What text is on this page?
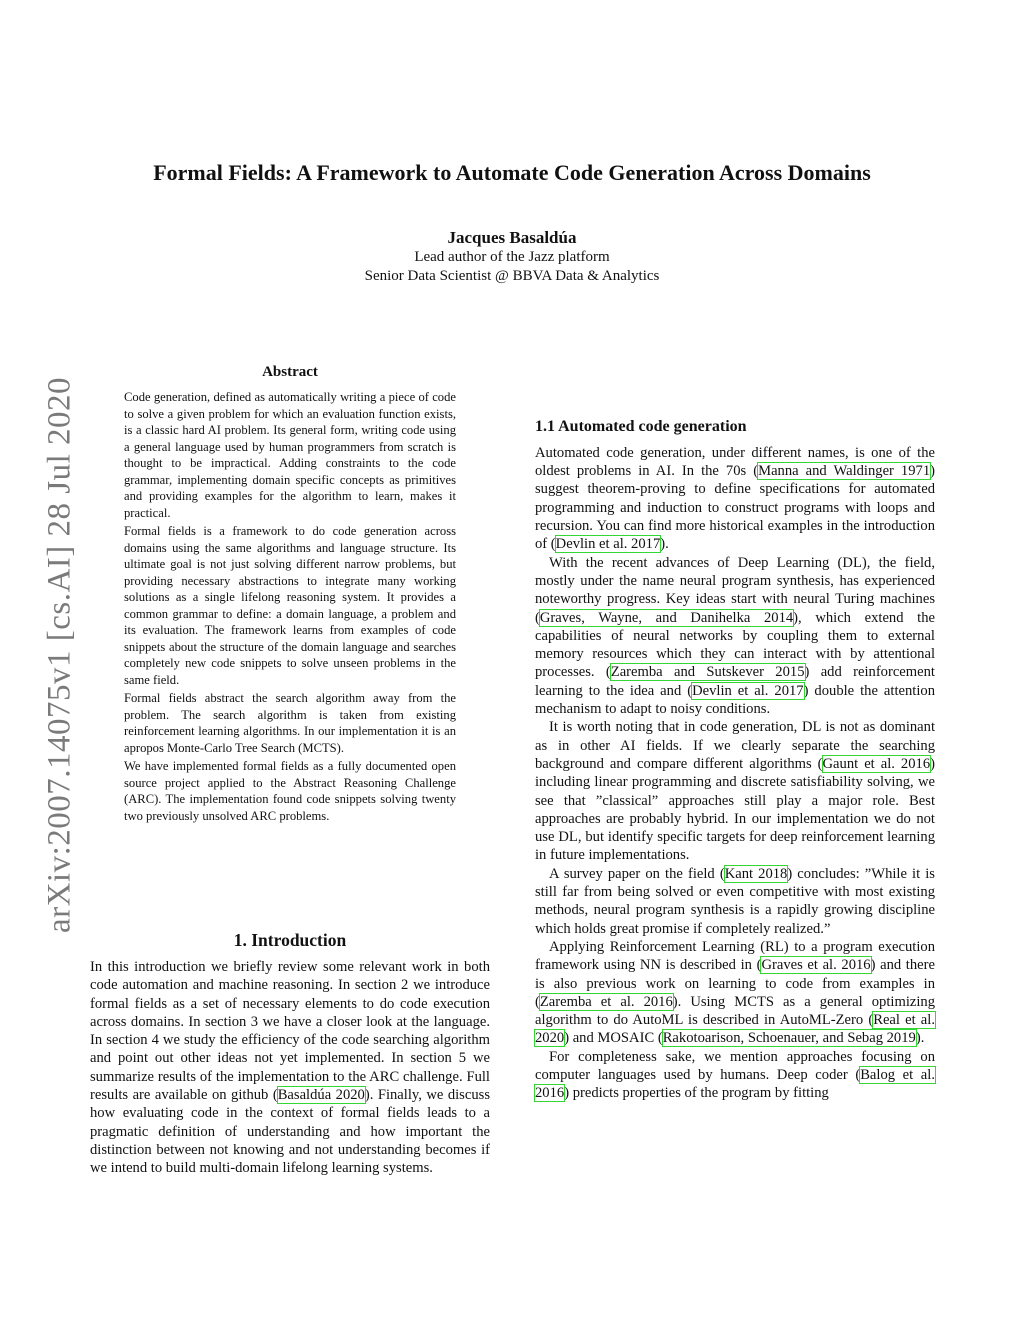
arXiv:2007.14075v1 [cs.AI] 28 Jul 2020
Formal Fields: A Framework to Automate Code Generation Across Domains
Jacques Basaldúa
Lead author of the Jazz platform
Senior Data Scientist @ BBVA Data & Analytics
Abstract

Code generation, defined as automatically writing a piece of code to solve a given problem for which an evaluation function exists, is a classic hard AI problem. Its general form, writing code using a general language used by human programmers from scratch is thought to be impractical. Adding constraints to the code grammar, implementing domain specific concepts as primitives and providing examples for the algorithm to learn, makes it practical.

Formal fields is a framework to do code generation across domains using the same algorithms and language structure. Its ultimate goal is not just solving different narrow problems, but providing necessary abstractions to integrate many working solutions as a single lifelong reasoning system. It provides a common grammar to define: a domain language, a problem and its evaluation. The framework learns from examples of code snippets about the structure of the domain language and searches completely new code snippets to solve unseen problems in the same field.

Formal fields abstract the search algorithm away from the problem. The search algorithm is taken from existing reinforcement learning algorithms. In our implementation it is an apropos Monte-Carlo Tree Search (MCTS).

We have implemented formal fields as a fully documented open source project applied to the Abstract Reasoning Challenge (ARC). The implementation found code snippets solving twenty two previously unsolved ARC problems.

1. Introduction

In this introduction we briefly review some relevant work in both code automation and machine reasoning. In section 2 we introduce formal fields as a set of necessary elements to do code execution across domains. In section 3 we have a closer look at the language. In section 4 we study the efficiency of the code searching algorithm and point out other ideas not yet implemented. In section 5 we summarize results of the implementation to the ARC challenge. Full results are available on github (Basaldúa 2020). Finally, we discuss how evaluating code in the context of formal fields leads to a pragmatic definition of understanding and how important the distinction between not knowing and not understanding becomes if we intend to build multi-domain lifelong learning systems.

1.1 Automated code generation

Automated code generation, under different names, is one of the oldest problems in AI. In the 70s (Manna and Waldinger 1971) suggest theorem-proving to define specifications for automated programming and induction to construct programs with loops and recursion. You can find more historical examples in the introduction of (Devlin et al. 2017).

With the recent advances of Deep Learning (DL), the field, mostly under the name neural program synthesis, has experienced noteworthy progress. Key ideas start with neural Turing machines (Graves, Wayne, and Danihelka 2014), which extend the capabilities of neural networks by coupling them to external memory resources which they can interact with by attentional processes. (Zaremba and Sutskever 2015) add reinforcement learning to the idea and (Devlin et al. 2017) double the attention mechanism to adapt to noisy conditions.

It is worth noting that in code generation, DL is not as dominant as in other AI fields. If we clearly separate the searching background and compare different algorithms (Gaunt et al. 2016) including linear programming and discrete satisfiability solving, we see that ”classical” approaches still play a major role. Best approaches are probably hybrid. In our implementation we do not use DL, but identify specific targets for deep reinforcement learning in future implementations.

A survey paper on the field (Kant 2018) concludes: ”While it is still far from being solved or even competitive with most existing methods, neural program synthesis is a rapidly growing discipline which holds great promise if completely realized.”

Applying Reinforcement Learning (RL) to a program execution framework using NN is described in (Graves et al. 2016) and there is also previous work on learning to code from examples in (Zaremba et al. 2016). Using MCTS as a general optimizing algorithm to do AutoML is described in AutoML-Zero (Real et al. 2020) and MOSAIC (Rakotoarison, Schoenauer, and Sebag 2019).

For completeness sake, we mention approaches focusing on computer languages used by humans. Deep coder (Balog et al. 2016) predicts properties of the program by fitting
